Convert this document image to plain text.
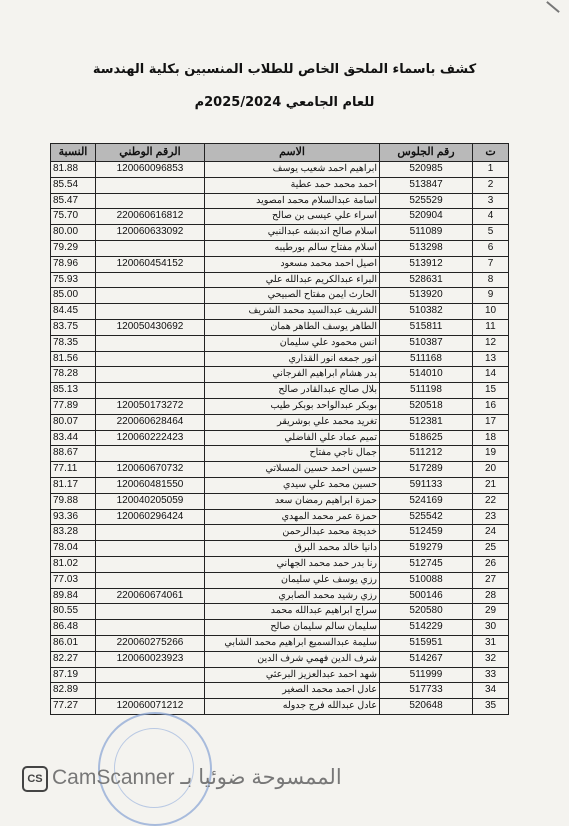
كشف باسماء الملحق الخاص للطلاب المنسبين بكلية الهندسة
للعام الجامعي 2025/2024م
النسبة	الرقم الوطني	الاسم	رقم الجلوس	ت
81.88	120060096853	ابراهيم احمد شعيب يوسف	520985	1
85.54		احمد محمد حمد عطية	513847	2
85.47		اسامة عبدالسلام محمد امصويد	525529	3
75.70	220060616812	اسراء علي عيسى بن صالح	520904	4
80.00	120060633092	اسلام صالح اندبشه عبدالنبي	511089	5
79.29		اسلام مفتاح سالم بورطيبه	513298	6
78.96	120060454152	اصيل احمد محمد مسعود	513912	7
75.93		البراء عبدالكريم عبدالله علي	528631	8
85.00		الحارث ايمن مفتاح الصبيحي	513920	9
84.45		الشريف عبدالسيد محمد الشريف	510382	10
83.75	120050430692	الطاهر يوسف الطاهر همان	515811	11
78.35		انس محمود علي سليمان	510387	12
81.56		انور جمعه انور القذاري	511168	13
78.28		بدر هشام ابراهيم الفرجاني	514010	14
85.13		بلال صالح عبدالقادر صالح	511198	15
77.89	120050173272	بوبكر عبدالواحد بوبكر طيب	520518	16
80.07	220060628464	تغريد محمد علي بوشريقر	512381	17
83.44	120060222423	تميم عماد علي الفاضلي	518625	18
88.67		جمال ناجي مفتاح	511212	19
77.11	120060670732	حسين احمد حسين المسلاتي	517289	20
81.17	120060481550	حسين محمد علي سيدي	591133	21
79.88	120040205059	حمزة ابراهيم رمضان سعد	524169	22
93.36	120060296424	حمزة عمر محمد المهدي	525542	23
83.28		خديجة محمد عبدالرحمن	512459	24
78.04		دانيا خالد محمد البرق	519279	25
81.02		رنا بدر حمد محمد الجهاني	512745	26
77.03		رزي يوسف علي سليمان	510088	27
89.84	220060674061	رزي رشيد محمد الصابري	500146	28
80.55		سراج ابراهيم عبدالله محمد	520580	29
86.48		سليمان سالم سليمان صالح	514229	30
86.01	220060275266	سليمة عبدالسميع ابراهيم محمد الشابي	515951	31
82.27	120060023923	شرف الدين فهمي شرف الدين	514267	32
87.19		شهد احمد عبدالعزيز البرعثي	511999	33
82.89		عادل احمد محمد الصغير	517733	34
77.27	120060071212	عادل عبدالله فرج جدوله	520648	35
CS CamScanner الممسوحة ضوئيا بـ
